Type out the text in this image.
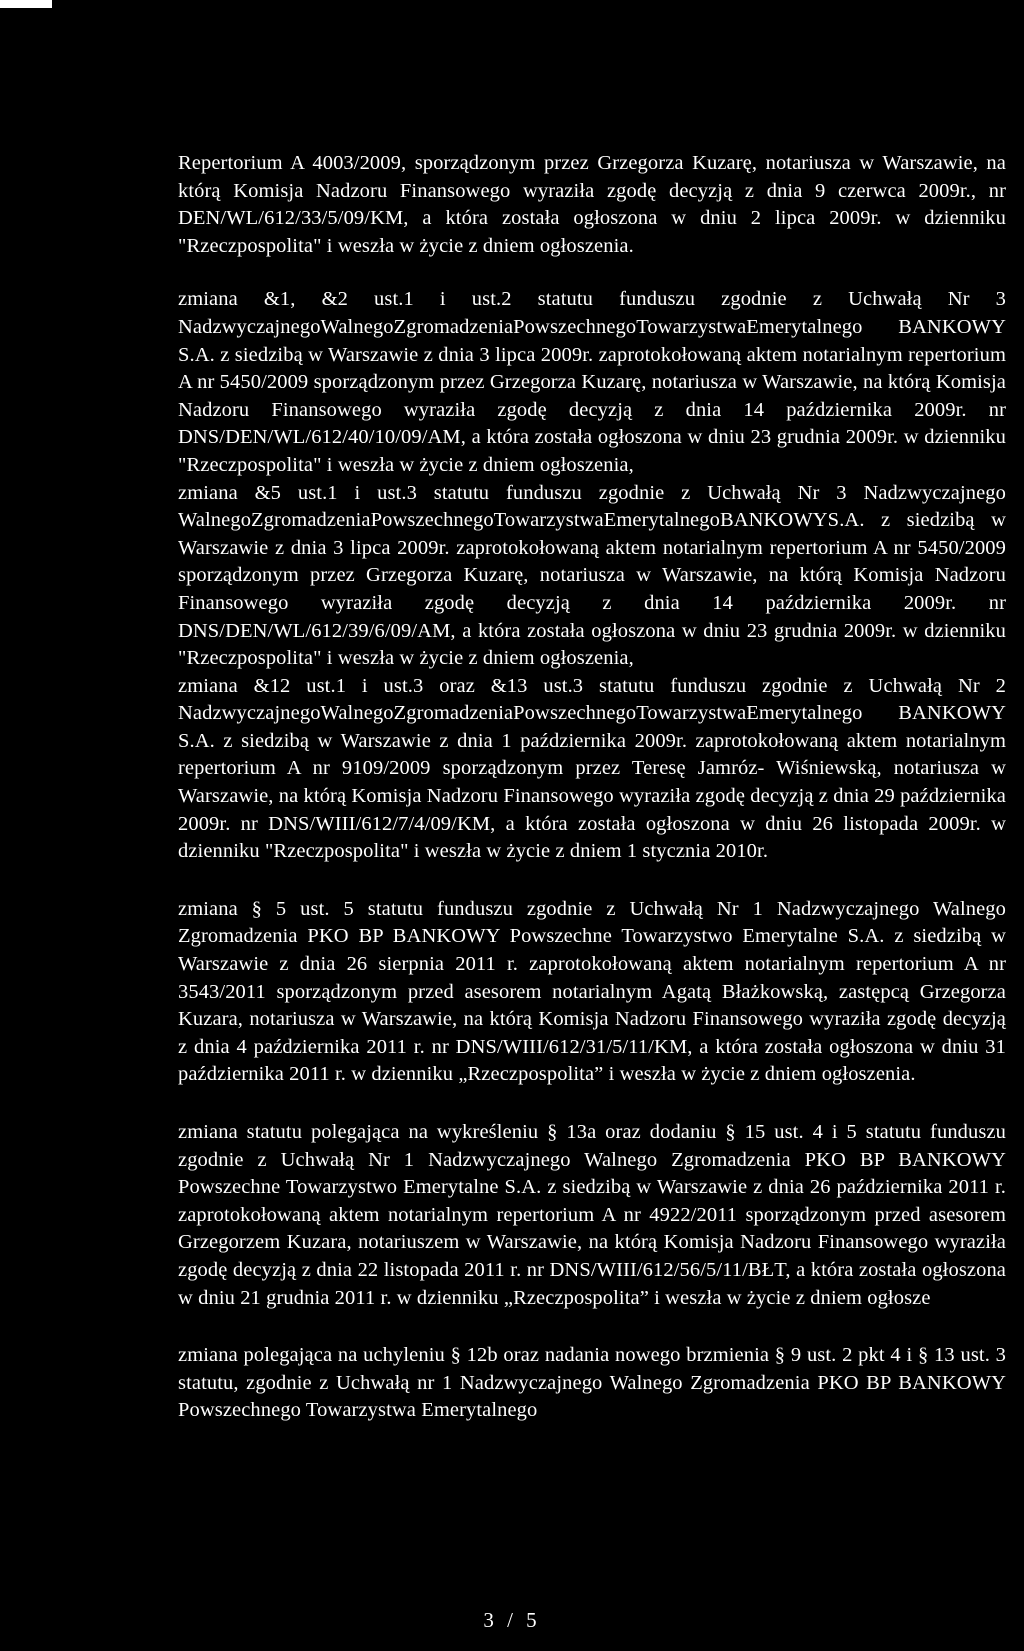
Repertorium A 4003/2009, sporządzonym przez Grzegorza Kuzarę, notariusza w Warszawie, na którą Komisja Nadzoru Finansowego wyraziła zgodę decyzją z dnia 9 czerwca 2009r., nr DEN/WL/612/33/5/09/KM, a która została ogłoszona w dniu 2 lipca 2009r. w dzienniku "Rzeczpospolita" i weszła w życie z dniem ogłoszenia.

zmiana &1, &2 ust.1 i ust.2 statutu funduszu zgodnie z Uchwałą Nr 3 NadzwyczajnegoWalnegoZgromadzeniaPowszechnegoTowarzystwaEmerytalnego BANKOWY S.A. z siedzibą w Warszawie z dnia 3 lipca 2009r. zaprotokołowaną aktem notarialnym repertorium A nr 5450/2009 sporządzonym przez Grzegorza Kuzarę, notariusza w Warszawie, na którą Komisja Nadzoru Finansowego wyraziła zgodę decyzją z dnia 14 października 2009r. nr DNS/DEN/WL/612/40/10/09/AM, a która została ogłoszona w dniu 23 grudnia 2009r. w dzienniku "Rzeczpospolita" i weszła w życie z dniem ogłoszenia,

zmiana &5 ust.1 i ust.3 statutu funduszu zgodnie z Uchwałą Nr 3 Nadzwyczajnego WalnegoZgromadzeniaPowszechnegoTowarzystwaEmerytalnegoBANKOWYS.A. z siedzibą w Warszawie z dnia 3 lipca 2009r. zaprotokołowaną aktem notarialnym repertorium A nr 5450/2009 sporządzonym przez Grzegorza Kuzarę, notariusza w Warszawie, na którą Komisja Nadzoru Finansowego wyraziła zgodę decyzją z dnia 14 października 2009r. nr DNS/DEN/WL/612/39/6/09/AM, a która została ogłoszona w dniu 23 grudnia 2009r. w dzienniku "Rzeczpospolita" i weszła w życie z dniem ogłoszenia,

zmiana &12 ust.1 i ust.3 oraz &13 ust.3 statutu funduszu zgodnie z Uchwałą Nr 2 NadzwyczajnegoWalnegoZgromadzeniaPowszechnegoTowarzystwaEmerytalnego BANKOWY S.A. z siedzibą w Warszawie z dnia 1 października 2009r. zaprotokołowaną aktem notarialnym repertorium A nr 9109/2009 sporządzonym przez Teresę Jamróz- Wiśniewską, notariusza w Warszawie, na którą Komisja Nadzoru Finansowego wyraziła zgodę decyzją z dnia 29 października 2009r. nr DNS/WIII/612/7/4/09/KM, a która została ogłoszona w dniu 26 listopada 2009r. w dzienniku "Rzeczpospolita" i weszła w życie z dniem 1 stycznia 2010r.

zmiana § 5 ust. 5 statutu funduszu zgodnie z Uchwałą Nr 1 Nadzwyczajnego Walnego Zgromadzenia PKO BP BANKOWY Powszechne Towarzystwo Emerytalne S.A. z siedzibą w Warszawie z dnia 26 sierpnia 2011 r. zaprotokołowaną aktem notarialnym repertorium A nr 3543/2011 sporządzonym przed asesorem notarialnym Agatą Błażkowską, zastępcą Grzegorza Kuzara, notariusza w Warszawie, na którą Komisja Nadzoru Finansowego wyraziła zgodę decyzją z dnia 4 października 2011 r. nr DNS/WIII/612/31/5/11/KM, a która została ogłoszona w dniu 31 października 2011 r. w dzienniku „Rzeczpospolita” i weszła w życie z dniem ogłoszenia.

zmiana statutu polegająca na wykreśleniu § 13a oraz dodaniu § 15 ust. 4 i 5 statutu funduszu zgodnie z Uchwałą Nr 1 Nadzwyczajnego Walnego Zgromadzenia PKO BP BANKOWY Powszechne Towarzystwo Emerytalne S.A. z siedzibą w Warszawie z dnia 26 października 2011 r. zaprotokołowaną aktem notarialnym repertorium A nr 4922/2011 sporządzonym przed asesorem Grzegorzem Kuzara, notariuszem w Warszawie, na którą Komisja Nadzoru Finansowego wyraziła zgodę decyzją z dnia 22 listopada 2011 r. nr DNS/WIII/612/56/5/11/BŁT, a która została ogłoszona w dniu 21 grudnia 2011 r. w dzienniku „Rzeczpospolita” i weszła w życie z dniem ogłosze

zmiana polegająca na uchyleniu § 12b oraz nadania nowego brzmienia § 9 ust. 2 pkt 4 i § 13 ust. 3 statutu, zgodnie z Uchwałą nr 1 Nadzwyczajnego Walnego Zgromadzenia PKO BP BANKOWY Powszechnego Towarzystwa Emerytalnego

3 / 5
